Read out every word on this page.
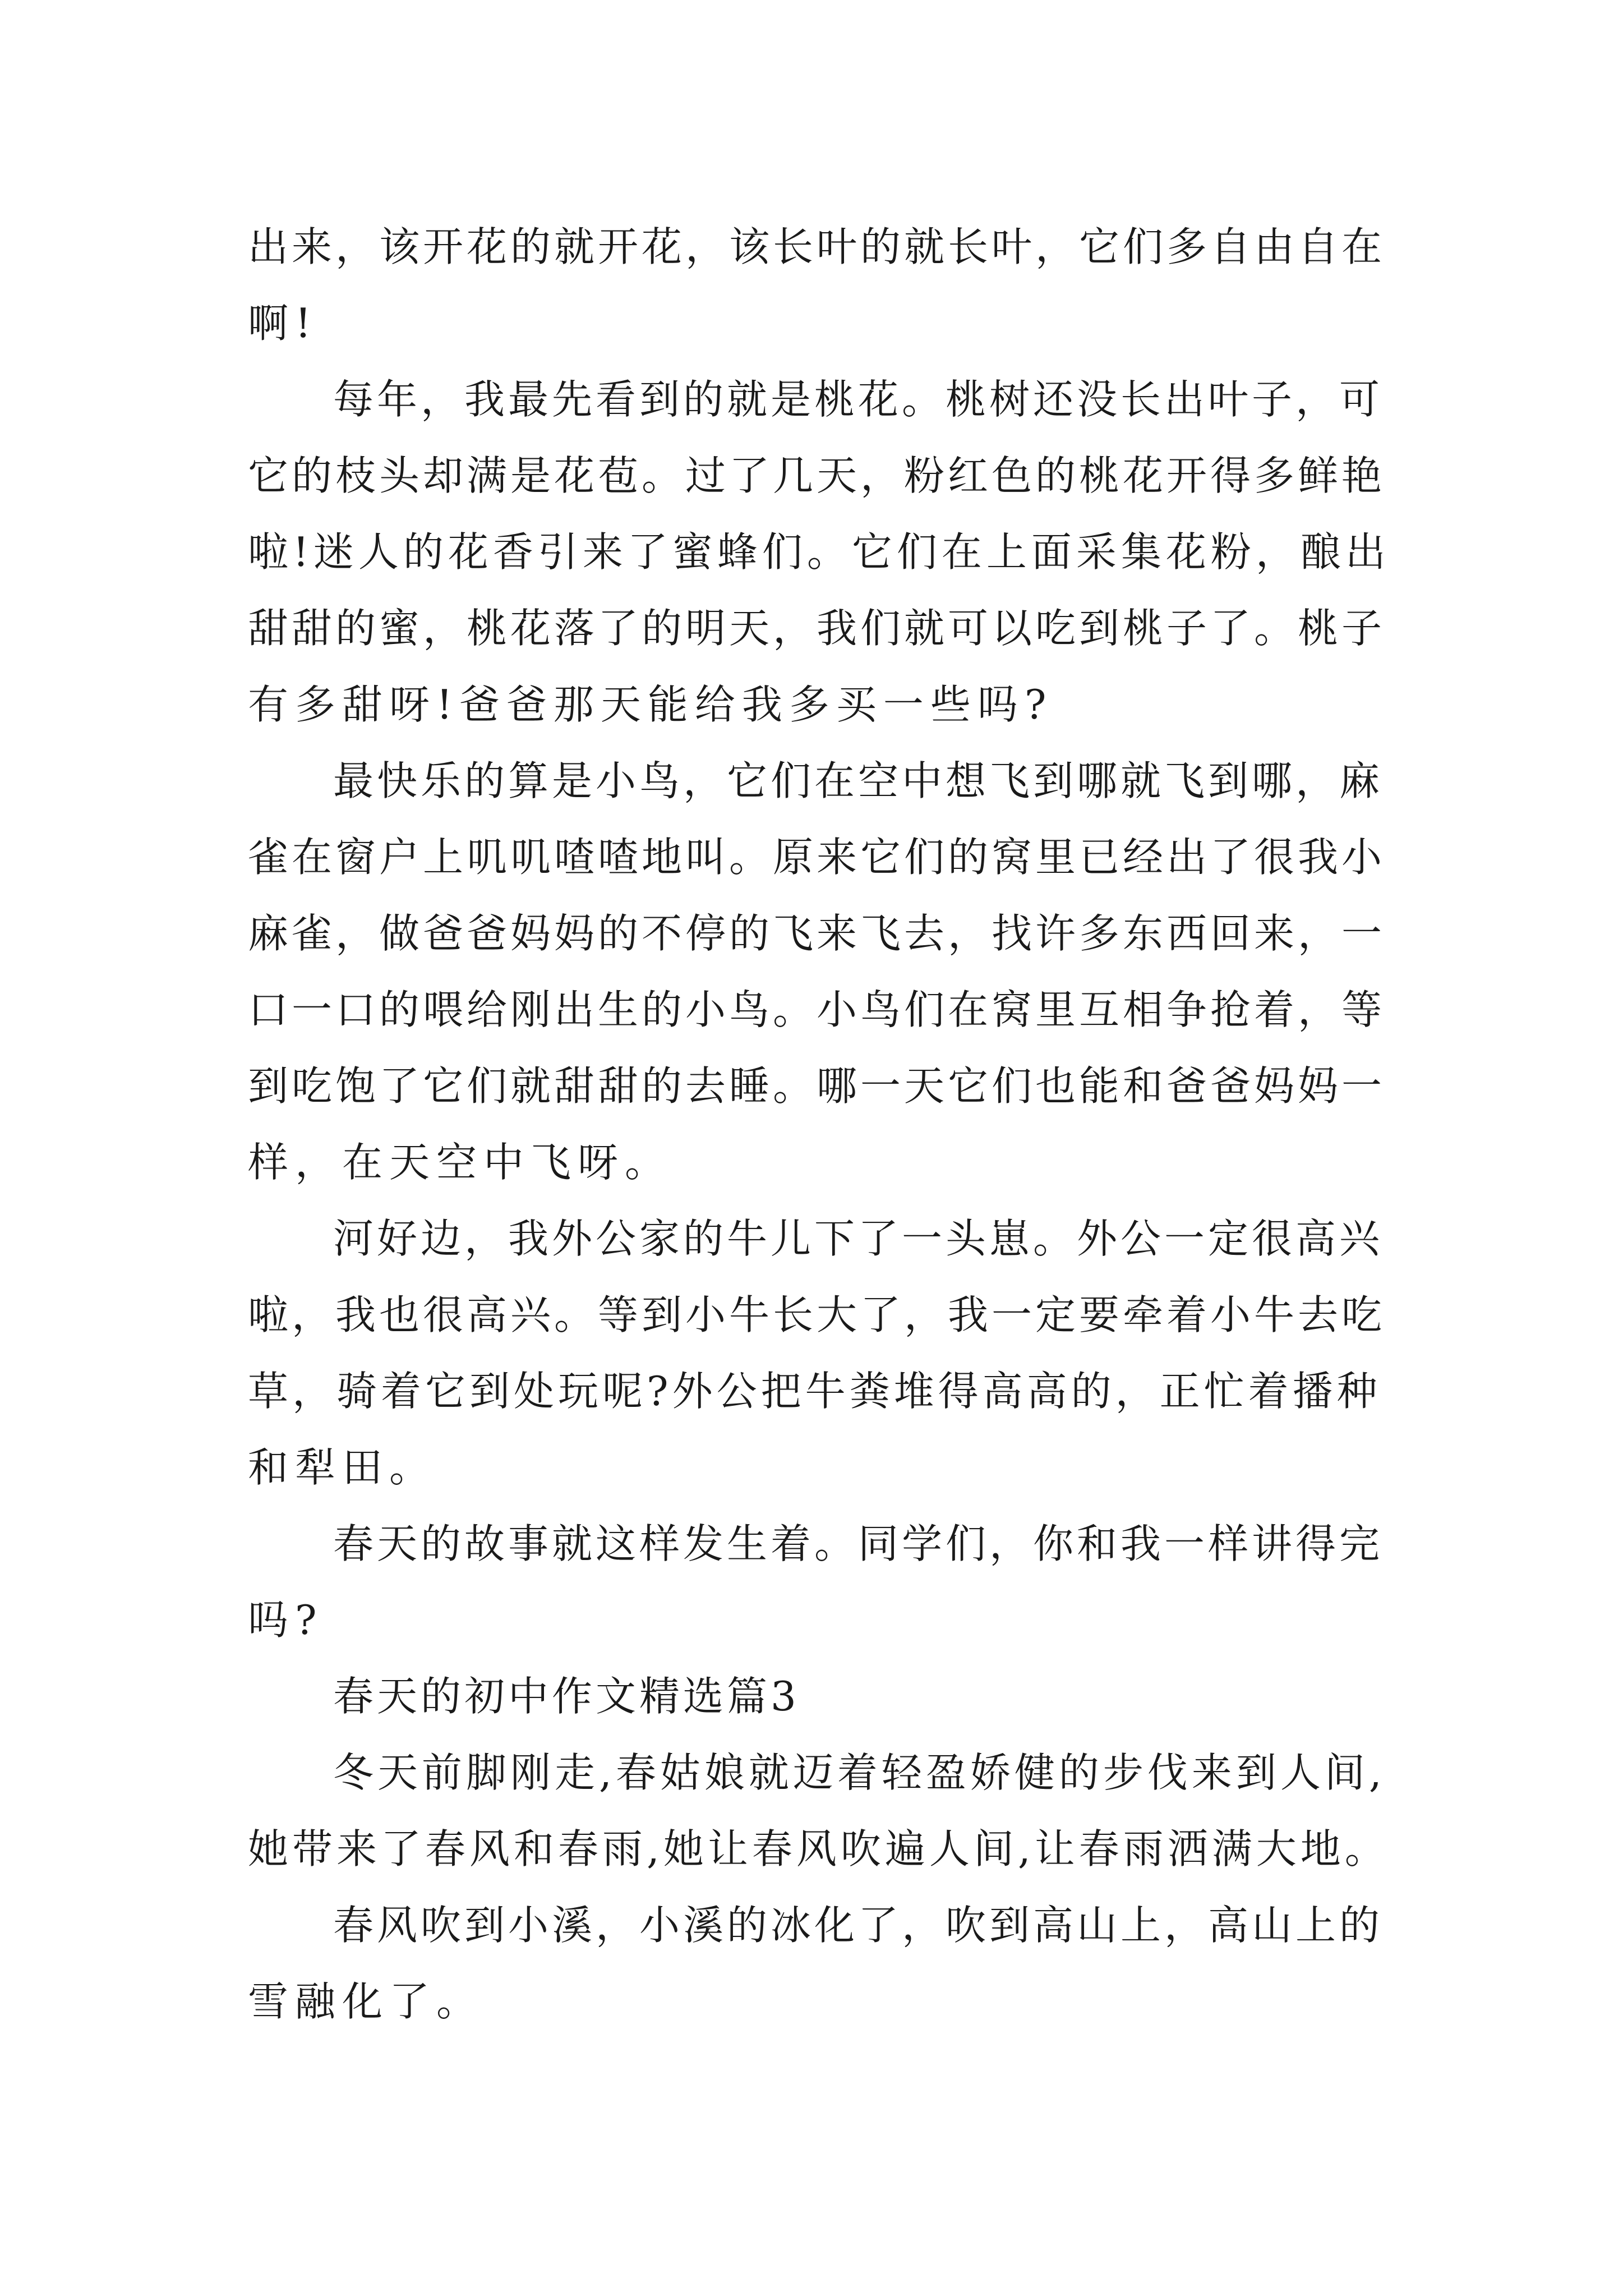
出来，该开花的就开花，该长叶的就长叶，它们多自由自在
啊!

每年，我最先看到的就是桃花。桃树还没长出叶子，可
它的枝头却满是花苞。过了几天，粉红色的桃花开得多鲜艳
啦!迷人的花香引来了蜜蜂们。它们在上面采集花粉，酿出
甜甜的蜜，桃花落了的明天，我们就可以吃到桃子了。桃子
有多甜呀!爸爸那天能给我多买一些吗?

最快乐的算是小鸟，它们在空中想飞到哪就飞到哪，麻
雀在窗户上叽叽喳喳地叫。原来它们的窝里已经出了很我小
麻雀，做爸爸妈妈的不停的飞来飞去，找许多东西回来，一
口一口的喂给刚出生的小鸟。小鸟们在窝里互相争抢着，等
到吃饱了它们就甜甜的去睡。哪一天它们也能和爸爸妈妈一
样，在天空中飞呀。

河好边，我外公家的牛儿下了一头崽。外公一定很高兴
啦，我也很高兴。等到小牛长大了，我一定要牵着小牛去吃
草，骑着它到处玩呢?外公把牛粪堆得高高的，正忙着播种
和犁田。

春天的故事就这样发生着。同学们，你和我一样讲得完
吗?

春天的初中作文精选篇3

冬天前脚刚走,春姑娘就迈着轻盈娇健的步伐来到人间,
她带来了春风和春雨,她让春风吹遍人间,让春雨洒满大地。

春风吹到小溪，小溪的冰化了，吹到高山上，高山上的
雪融化了。
